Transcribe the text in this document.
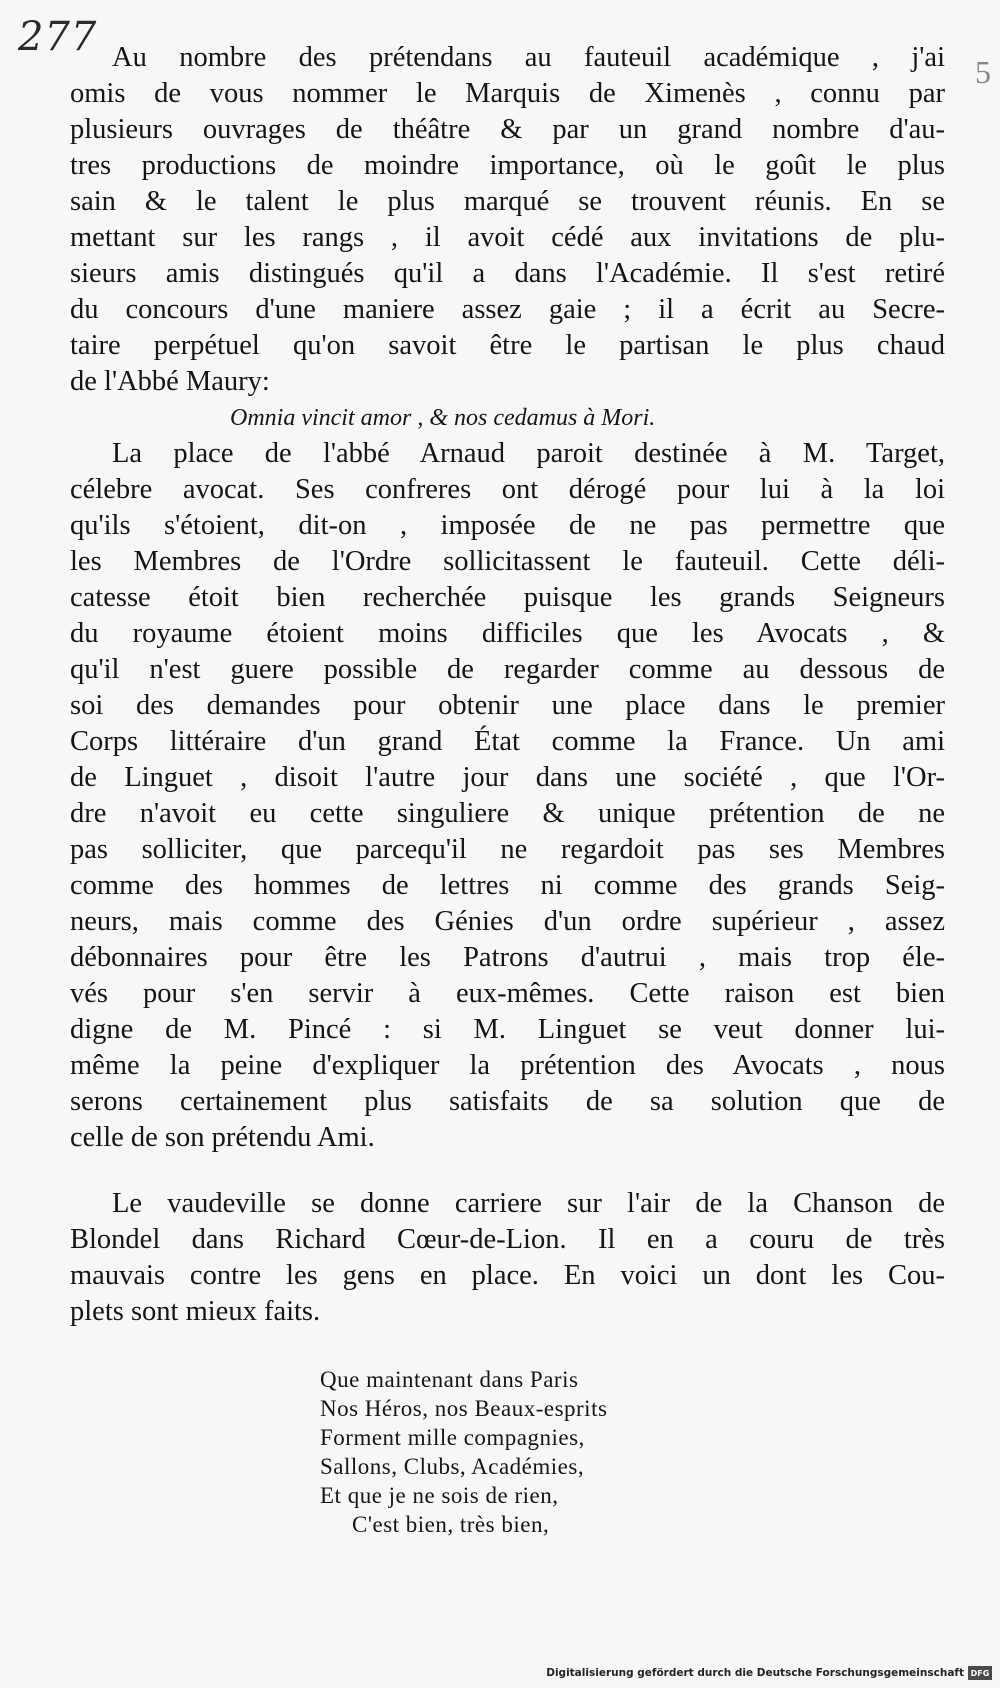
277
5
Au nombre des prétendans au fauteuil académique , j'ai
omis de vous nommer le Marquis de Ximenès , connu par
plusieurs ouvrages de théâtre & par un grand nombre d'au-
tres productions de moindre importance, où le goût le plus
sain & le talent le plus marqué se trouvent réunis. En se
mettant sur les rangs , il avoit cédé aux invitations de plu-
sieurs amis distingués qu'il a dans l'Académie. Il s'est retiré
du concours d'une maniere assez gaie ; il a écrit au Secre-
taire perpétuel qu'on savoit être le partisan le plus chaud
de l'Abbé Maury:
Omnia vincit amor , & nos cedamus à Mori.
La place de l'abbé Arnaud paroit destinée à M. Target,
célebre avocat. Ses confreres ont dérogé pour lui à la loi
qu'ils s'étoient, dit-on , imposée de ne pas permettre que
les Membres de l'Ordre sollicitassent le fauteuil. Cette déli-
catesse étoit bien recherchée puisque les grands Seigneurs
du royaume étoient moins difficiles que les Avocats , &
qu'il n'est guere possible de regarder comme au dessous de
soi des demandes pour obtenir une place dans le premier
Corps littéraire d'un grand État comme la France. Un ami
de Linguet , disoit l'autre jour dans une société , que l'Or-
dre n'avoit eu cette singuliere & unique prétention de ne
pas solliciter, que parcequ'il ne regardoit pas ses Membres
comme des hommes de lettres ni comme des grands Seig-
neurs, mais comme des Génies d'un ordre supérieur , assez
débonnaires pour être les Patrons d'autrui , mais trop éle-
vés pour s'en servir à eux-mêmes. Cette raison est bien
digne de M. Pincé : si M. Linguet se veut donner lui-
même la peine d'expliquer la prétention des Avocats , nous
serons certainement plus satisfaits de sa solution que de
celle de son prétendu Ami.
Le vaudeville se donne carriere sur l'air de la Chanson de
Blondel dans Richard Cœur-de-Lion. Il en a couru de très
mauvais contre les gens en place. En voici un dont les Cou-
plets sont mieux faits.
Que maintenant dans Paris
Nos Héros, nos Beaux-esprits
Forment mille compagnies,
Sallons, Clubs, Académies,
Et que je ne sois de rien,
C'est bien, très bien,
Digitalisierung gefördert durch die Deutsche Forschungsgemeinschaft DFG
